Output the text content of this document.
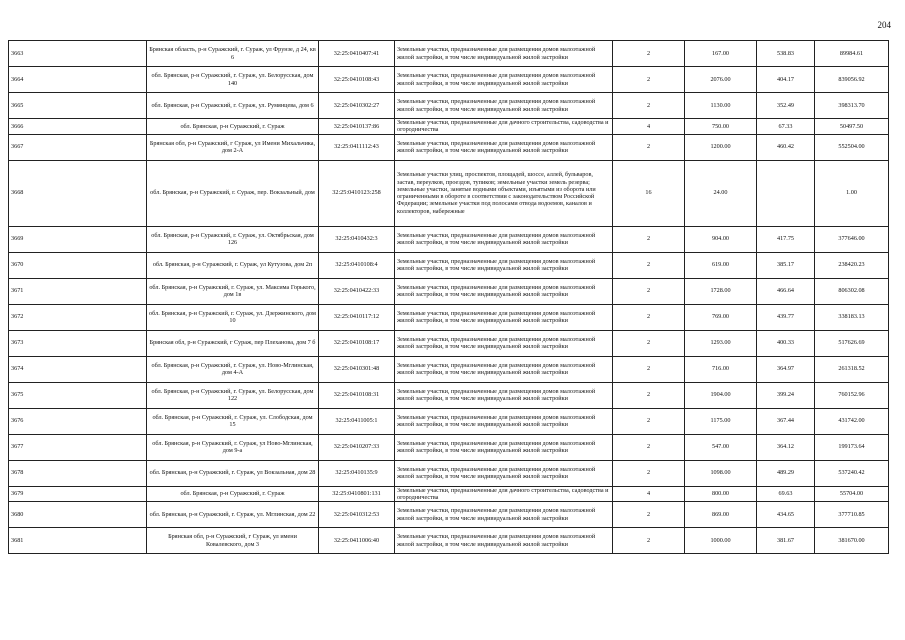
204
3663	Брянская область, р-н Суражский, г. Сураж, ул Фрунзе, д 24, кв 6	32:25:0410407:41	Земельные участки, предназначенные для размещения домов малоэтажной жилой застройки, в том числе индивидуальной жилой застройки	2	167.00	538.83	89984.61
3664	обл. Брянская, р-н Суражский, г. Сураж, ул. Белорусская, дом 140	32:25:0410108:43	Земельные участки, предназначенные для размещения домов малоэтажной жилой застройки, в том числе индивидуальной жилой застройки	2	2076.00	404.17	839056.92
3665	обл. Брянская, р-н Суражский, г. Сураж, ул. Румянцева, дом 6	32:25:0410302:27	Земельные участки, предназначенные для размещения домов малоэтажной жилой застройки, в том числе индивидуальной жилой застройки	2	1130.00	352.49	398313.70
3666	обл. Брянская, р-н Суражский, г. Сураж	32:25:0410137:86	Земельные участки, предназначенные для дачного строительства, садоводства и огородничества	4	750.00	67.33	50497.50
3667	Брянская обл, р-н Суражский, г Сураж, ул Имени Михальчика, дом 2-А	32:25:0411112:43	Земельные участки, предназначенные для размещения домов малоэтажной жилой застройки, в том числе индивидуальной жилой застройки	2	1200.00	460.42	552504.00
3668	обл. Брянская, р-н Суражский, г. Сураж, пер. Вокзальный, дом	32:25:0410123:258	Земельные участки улиц, проспектов, площадей, шоссе, аллей, бульваров, застав, переулков, проездов, тупиков; земельные участки земель резерва; земельные участки, занятые водными объектами, изъятыми из оборота или ограниченными в обороте в соответствии с законодательством Российской Федерации; земельные участки под полосами отвода водоемов, каналов и коллекторов, набережные	16	24.00		1.00
3669	обл. Брянская, р-н Суражский, г. Сураж, ул. Октябрьская, дом 126	32:25:0410432:3	Земельные участки, предназначенные для размещения домов малоэтажной жилой застройки, в том числе индивидуальной жилой застройки	2	904.00	417.75	377646.00
3670	обл. Брянская, р-н Суражский, г. Сураж, ул Кутузова, дом 2п	32:25:0410108:4	Земельные участки, предназначенные для размещения домов малоэтажной жилой застройки, в том числе индивидуальной жилой застройки	2	619.00	385.17	238420.23
3671	обл. Брянская, р-н Суражский, г. Сураж, ул. Максима Горького, дом 1в	32:25:0410422:33	Земельные участки, предназначенные для размещения домов малоэтажной жилой застройки, в том числе индивидуальной жилой застройки	2	1728.00	466.64	806302.08
3672	обл. Брянская, р-н Суражский, г. Сураж, ул. Дзержинского, дом 10	32:25:0410117:12	Земельные участки, предназначенные для размещения домов малоэтажной жилой застройки, в том числе индивидуальной жилой застройки	2	769.00	439.77	338183.13
3673	Брянская обл, р-н Суражский, г Сураж, пер Плеханова, дом 7 б	32:25:0410108:17	Земельные участки, предназначенные для размещения домов малоэтажной жилой застройки, в том числе индивидуальной жилой застройки	2	1293.00	400.33	517626.69
3674	обл. Брянская, р-н Суражский, г. Сураж, ул. Ново-Мглинская, дом 4-А	32:25:0410301:48	Земельные участки, предназначенные для размещения домов малоэтажной жилой застройки, в том числе индивидуальной жилой застройки	2	716.00	364.97	261318.52
3675	обл. Брянская, р-н Суражский, г. Сураж, ул. Белорусская, дом 122	32:25:0410108:31	Земельные участки, предназначенные для размещения домов малоэтажной жилой застройки, в том числе индивидуальной жилой застройки	2	1904.00	399.24	760152.96
3676	обл. Брянская, р-н Суражский, г. Сураж, ул. Слободская, дом 15	32:25:0411005:1	Земельные участки, предназначенные для размещения домов малоэтажной жилой застройки, в том числе индивидуальной жилой застройки	2	1175.00	367.44	431742.00
3677	обл. Брянская, р-н Суражский, г. Сураж, ул Ново-Мглинская, дом 9-а	32:25:0410207:33	Земельные участки, предназначенные для размещения домов малоэтажной жилой застройки, в том числе индивидуальной жилой застройки	2	547.00	364.12	199173.64
3678	обл. Брянская, р-н Суражский, г. Сураж, ул Вокзальная, дом 28	32:25:0410135:9	Земельные участки, предназначенные для размещения домов малоэтажной жилой застройки, в том числе индивидуальной жилой застройки	2	1098.00	489.29	537240.42
3679	обл. Брянская, р-н Суражский, г. Сураж	32:25:0410801:131	Земельные участки, предназначенные для дачного строительства, садоводства и огородничества	4	800.00	69.63	55704.00
3680	обл. Брянская, р-н Суражский, г. Сураж, ул. Мглинская, дом 22	32:25:0410312:53	Земельные участки, предназначенные для размещения домов малоэтажной жилой застройки, в том числе индивидуальной жилой застройки	2	869.00	434.65	377710.85
3681	Брянская обл, р-н Суражский, г Сураж, ул имени Ковалевского, дом 3	32:25:0411006:40	Земельные участки, предназначенные для размещения домов малоэтажной жилой застройки, в том числе индивидуальной жилой застройки	2	1000.00	381.67	381670.00
